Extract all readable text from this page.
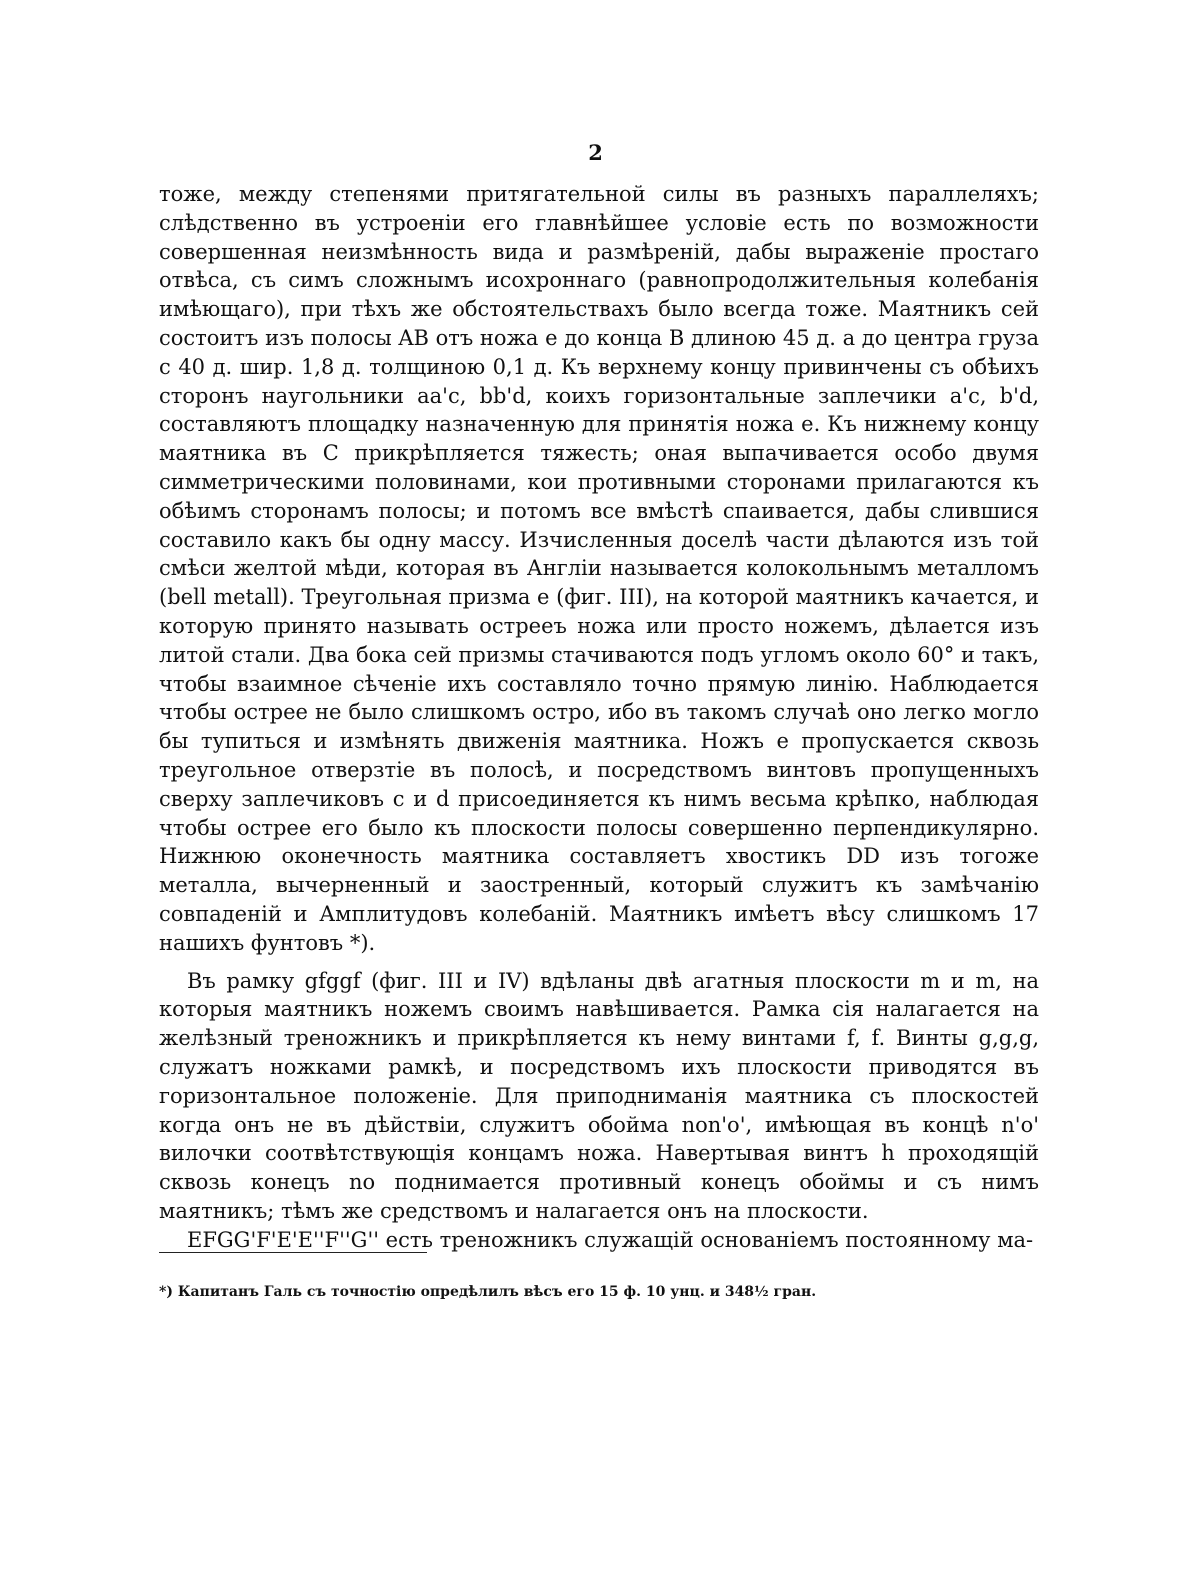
2

тоже, между степенями притягательной силы въ разныхъ параллеляхъ; слѣдственно въ устроеніи его главнѣйшее условіе есть по возможности совершенная неизмѣнность вида и размѣреній, дабы выраженіе простаго отвѣса, съ симъ сложнымъ исохроннаго (равнопродолжительныя колебанія имѣющаго), при тѣхъ же обстоятельствахъ было всегда тоже. Маятникъ сей состоитъ изъ полосы AB отъ ножа e до конца B длиною 45 д. а до центра груза c 40 д. шир. 1,8 д. толщиною 0,1 д. Къ верхнему концу привинчены съ обѣихъ сторонъ наугольники aa'c, bb'd, коихъ горизонтальные заплечики a'c, b'd, составляютъ площадку назначенную для принятія ножа e. Къ нижнему концу маятника въ C прикрѣпляется тяжесть; оная выпачивается особо двумя симметрическими половинами, кои противными сторонами прилагаются къ обѣимъ сторонамъ полосы; и потомъ все вмѣстѣ спаивается, дабы слившися составило какъ бы одну массу. Изчисленныя доселѣ части дѣлаются изъ той смѣси желтой мѣди, которая въ Англіи называется колокольнымъ металломъ (bell metall). Треугольная призма e (фиг. III), на которой маятникъ качается, и которую принято называть острееъ ножа или просто ножемъ, дѣлается изъ литой стали. Два бока сей призмы стачиваются подъ угломъ около 60° и такъ, чтобы взаимное сѣченіе ихъ составляло точно прямую линію. Наблюдается чтобы острее не было слишкомъ остро, ибо въ такомъ случаѣ оно легко могло бы тупиться и измѣнять движенія маятника. Ножъ e пропускается сквозь треугольное отверзтіе въ полосѣ, и посредствомъ винтовъ пропущенныхъ сверху заплечиковъ c и d присоединяется къ нимъ весьма крѣпко, наблюдая чтобы острее его было къ плоскости полосы совершенно перпендикулярно. Нижнюю оконечность маятника составляетъ хвостикъ DD изъ тогоже металла, вычерненный и заостренный, который служитъ къ замѣчанію совпаденій и Амплитудовъ колебаній. Маятникъ имѣетъ вѣсу слишкомъ 17 нашихъ фунтовъ *).

Въ рамку gfggf (фиг. III и IV) вдѣланы двѣ агатныя плоскости m и m, на которыя маятникъ ножемъ своимъ навѣшивается. Рамка сія налагается на желѣзный треножникъ и прикрѣпляется къ нему винтами f, f. Винты g,g,g, служатъ ножками рамкѣ, и посредствомъ ихъ плоскости приводятся въ горизонтальное положеніе. Для приподниманія маятника съ плоскостей когда онъ не въ дѣйствіи, служитъ обойма non'o', имѣющая въ концѣ n'o' вилочки соотвѣтствующія концамъ ножа. Навертывая винтъ h проходящій сквозь конецъ no поднимается противный конецъ обоймы и съ нимъ маятникъ; тѣмъ же средствомъ и налагается онъ на плоскости.

EFGG'F'E'E''F''G'' есть треножникъ служащій основаніемъ постоянному ма-

*) Капитанъ Галь съ точностію опредѣлилъ вѣсъ его 15 ф. 10 унц. и 348½ гран.
